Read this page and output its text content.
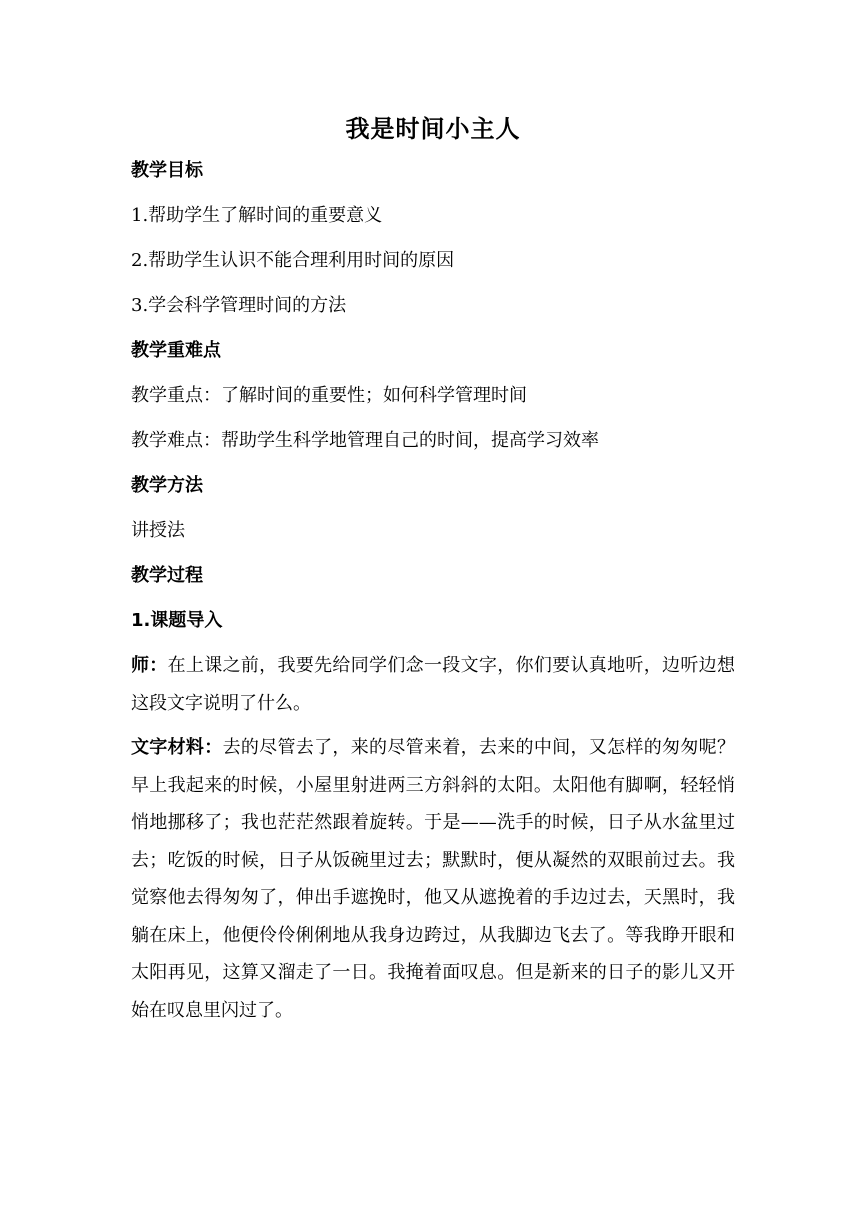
我是时间小主人
教学目标
1.帮助学生了解时间的重要意义
2.帮助学生认识不能合理利用时间的原因
3.学会科学管理时间的方法
教学重难点
教学重点：了解时间的重要性；如何科学管理时间
教学难点：帮助学生科学地管理自己的时间，提高学习效率
教学方法
讲授法
教学过程
1.课题导入
师：在上课之前，我要先给同学们念一段文字，你们要认真地听，边听边想这段文字说明了什么。
文字材料：去的尽管去了，来的尽管来着，去来的中间，又怎样的匆匆呢？早上我起来的时候，小屋里射进两三方斜斜的太阳。太阳他有脚啊，轻轻悄悄地挪移了；我也茫茫然跟着旋转。于是——洗手的时候，日子从水盆里过去；吃饭的时候，日子从饭碗里过去；默默时，便从凝然的双眼前过去。我觉察他去得匆匆了，伸出手遮挽时，他又从遮挽着的手边过去，天黑时，我躺在床上，他便伶伶俐俐地从我身边跨过，从我脚边飞去了。等我睁开眼和太阳再见，这算又溜走了一日。我掩着面叹息。但是新来的日子的影儿又开始在叹息里闪过了。
